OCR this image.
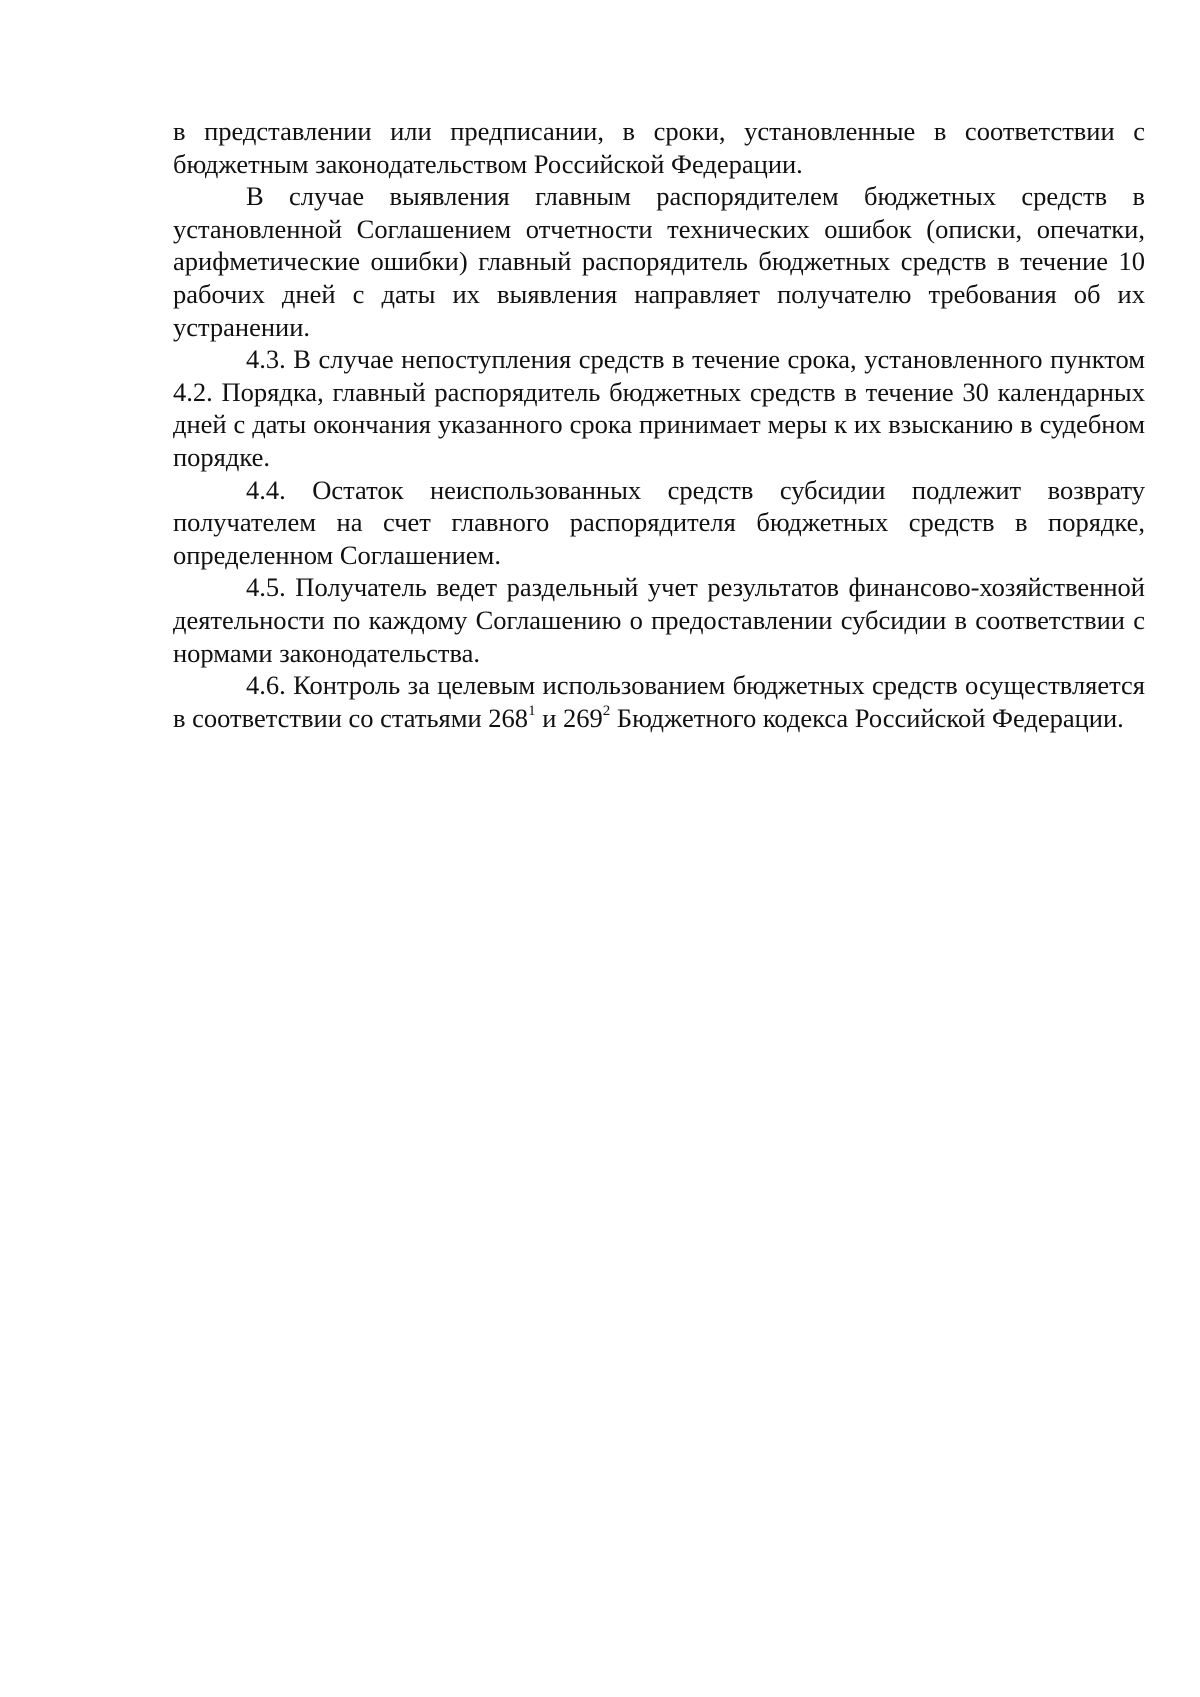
в представлении или предписании, в сроки, установленные в соответствии с бюджетным законодательством Российской Федерации.

В случае выявления главным распорядителем бюджетных средств в установленной Соглашением отчетности технических ошибок (описки, опечатки, арифметические ошибки) главный распорядитель бюджетных средств в течение 10 рабочих дней с даты их выявления направляет получателю требования об их устранении.

4.3. В случае непоступления средств в течение срока, установленного пунктом 4.2. Порядка, главный распорядитель бюджетных средств в течение 30 календарных дней с даты окончания указанного срока принимает меры к их взысканию в судебном порядке.

4.4. Остаток неиспользованных средств субсидии подлежит возврату получателем на счет главного распорядителя бюджетных средств в порядке, определенном Соглашением.

4.5. Получатель ведет раздельный учет результатов финансово-хозяйственной деятельности по каждому Соглашению о предоставлении субсидии в соответствии с нормами законодательства.

4.6. Контроль за целевым использованием бюджетных средств осуществляется в соответствии со статьями $268^1$ и $269^2$ Бюджетного кодекса Российской Федерации.
